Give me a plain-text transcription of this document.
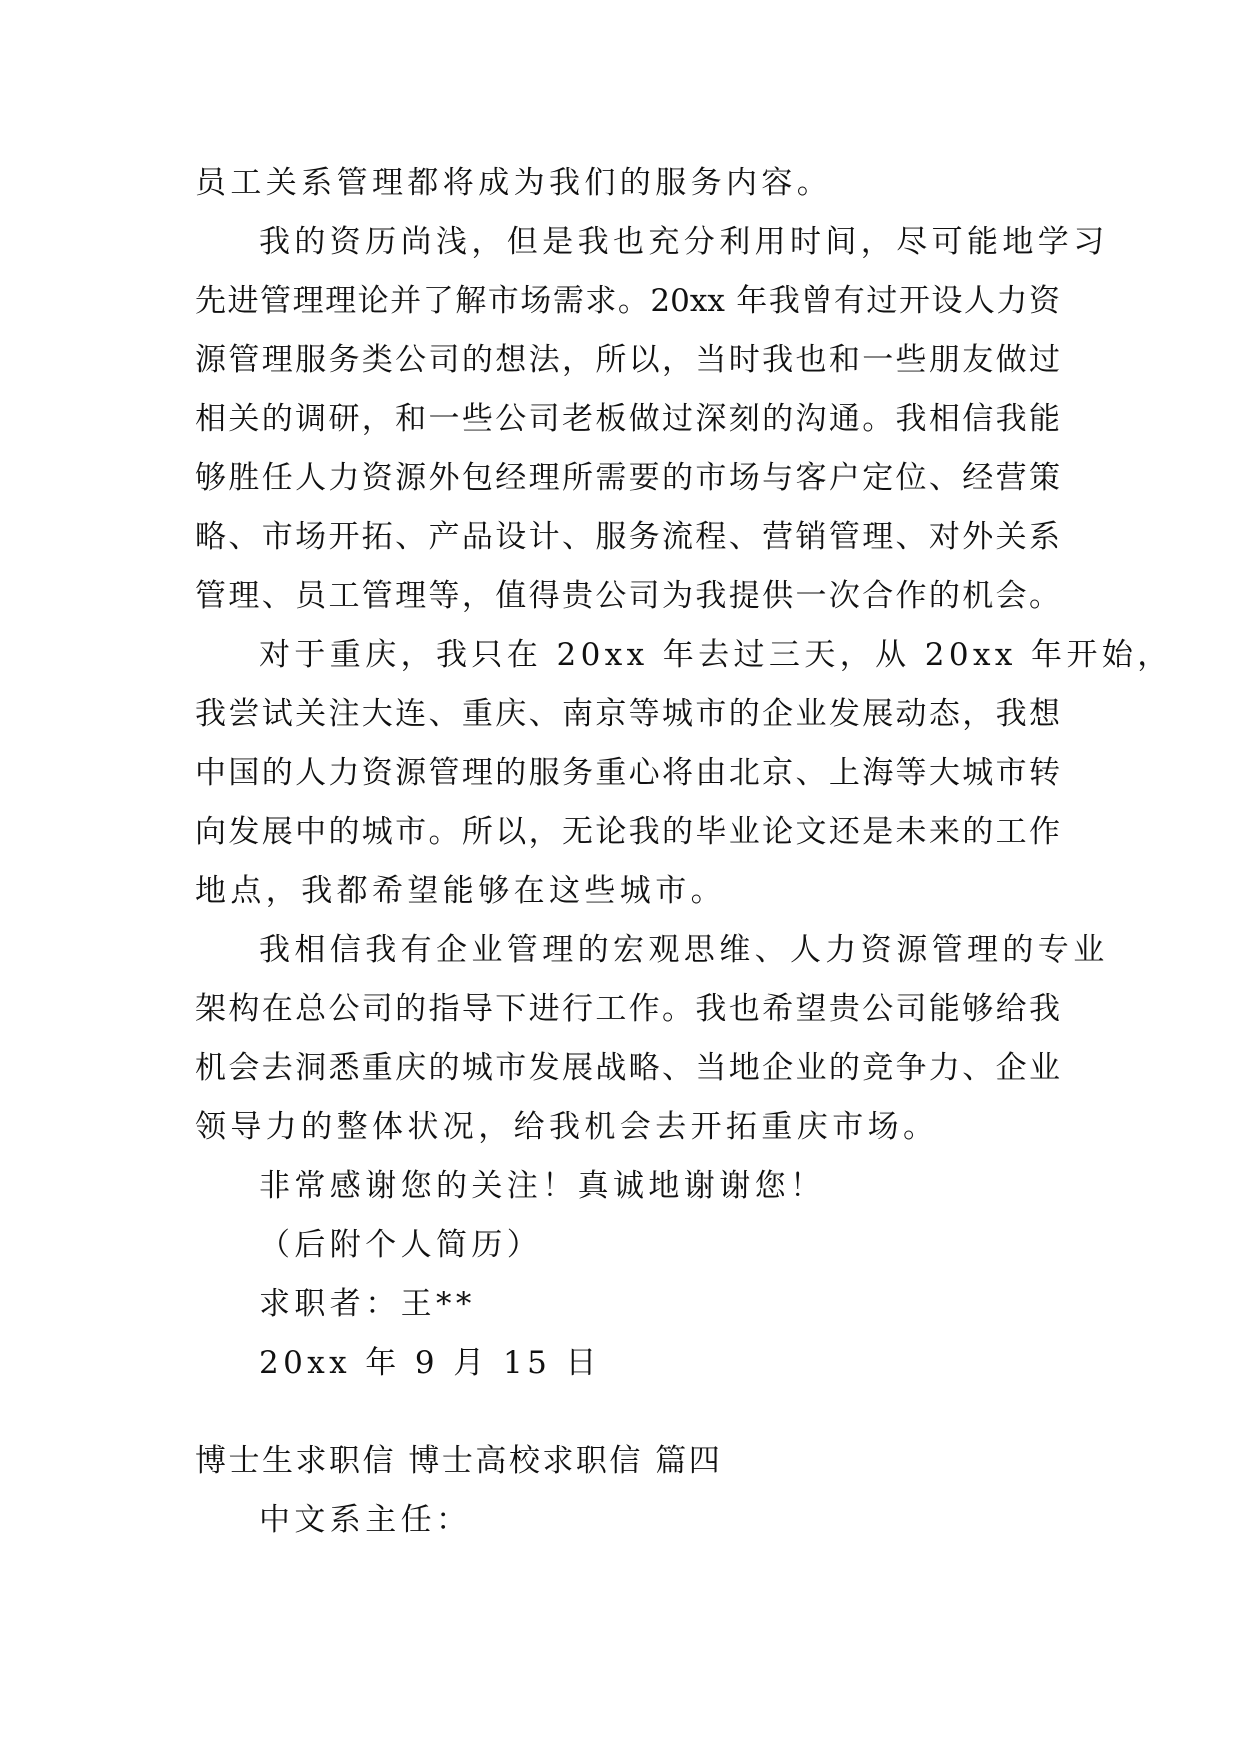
员工关系管理都将成为我们的服务内容。
我的资历尚浅，但是我也充分利用时间，尽可能地学习
先进管理理论并了解市场需求。20xx 年我曾有过开设人力资
源管理服务类公司的想法，所以，当时我也和一些朋友做过
相关的调研，和一些公司老板做过深刻的沟通。我相信我能
够胜任人力资源外包经理所需要的市场与客户定位、经营策
略、市场开拓、产品设计、服务流程、营销管理、对外关系
管理、员工管理等，值得贵公司为我提供一次合作的机会。
对于重庆，我只在 20xx 年去过三天，从 20xx 年开始，
我尝试关注大连、重庆、南京等城市的企业发展动态，我想
中国的人力资源管理的服务重心将由北京、上海等大城市转
向发展中的城市。所以，无论我的毕业论文还是未来的工作
地点，我都希望能够在这些城市。
我相信我有企业管理的宏观思维、人力资源管理的专业
架构在总公司的指导下进行工作。我也希望贵公司能够给我
机会去洞悉重庆的城市发展战略、当地企业的竞争力、企业
领导力的整体状况，给我机会去开拓重庆市场。
非常感谢您的关注！真诚地谢谢您！
（后附个人简历）
求职者：王**
20xx 年 9 月 15 日
博士生求职信 博士高校求职信 篇四
中文系主任：
